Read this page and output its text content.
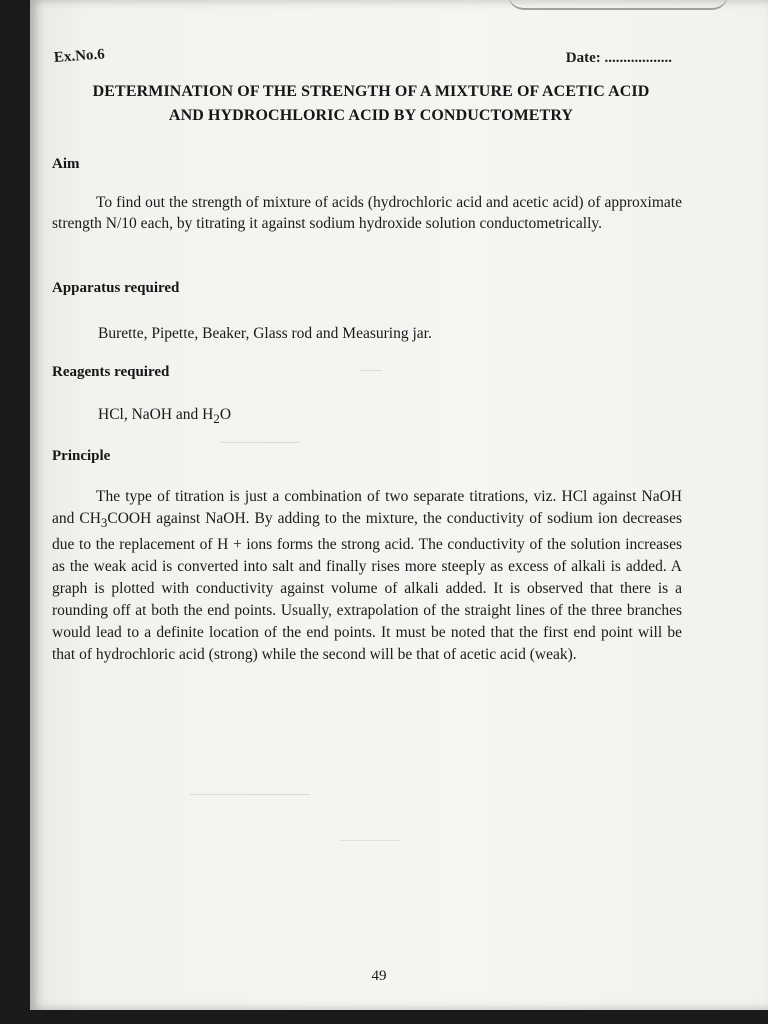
Ex.No.6	Date: ..................
DETERMINATION OF THE STRENGTH OF A MIXTURE OF ACETIC ACID
AND HYDROCHLORIC ACID BY CONDUCTOMETRY
Aim
To find out the strength of mixture of acids (hydrochloric acid and acetic acid) of approximate strength N/10 each, by titrating it against sodium hydroxide solution conductometrically.
Apparatus required
Burette, Pipette, Beaker, Glass rod and Measuring jar.
Reagents required
HCl, NaOH and $H_2O$
Principle
The type of titration is just a combination of two separate titrations, viz. HCl against NaOH and $CH_3COOH$ against NaOH. By adding to the mixture, the conductivity of sodium ion decreases due to the replacement of H + ions forms the strong acid. The conductivity of the solution increases as the weak acid is converted into salt and finally rises more steeply as excess of alkali is added. A graph is plotted with conductivity against volume of alkali added. It is observed that there is a rounding off at both the end points. Usually, extrapolation of the straight lines of the three branches would lead to a definite location of the end points. It must be noted that the first end point will be that of hydrochloric acid (strong) while the second will be that of acetic acid (weak).
49
